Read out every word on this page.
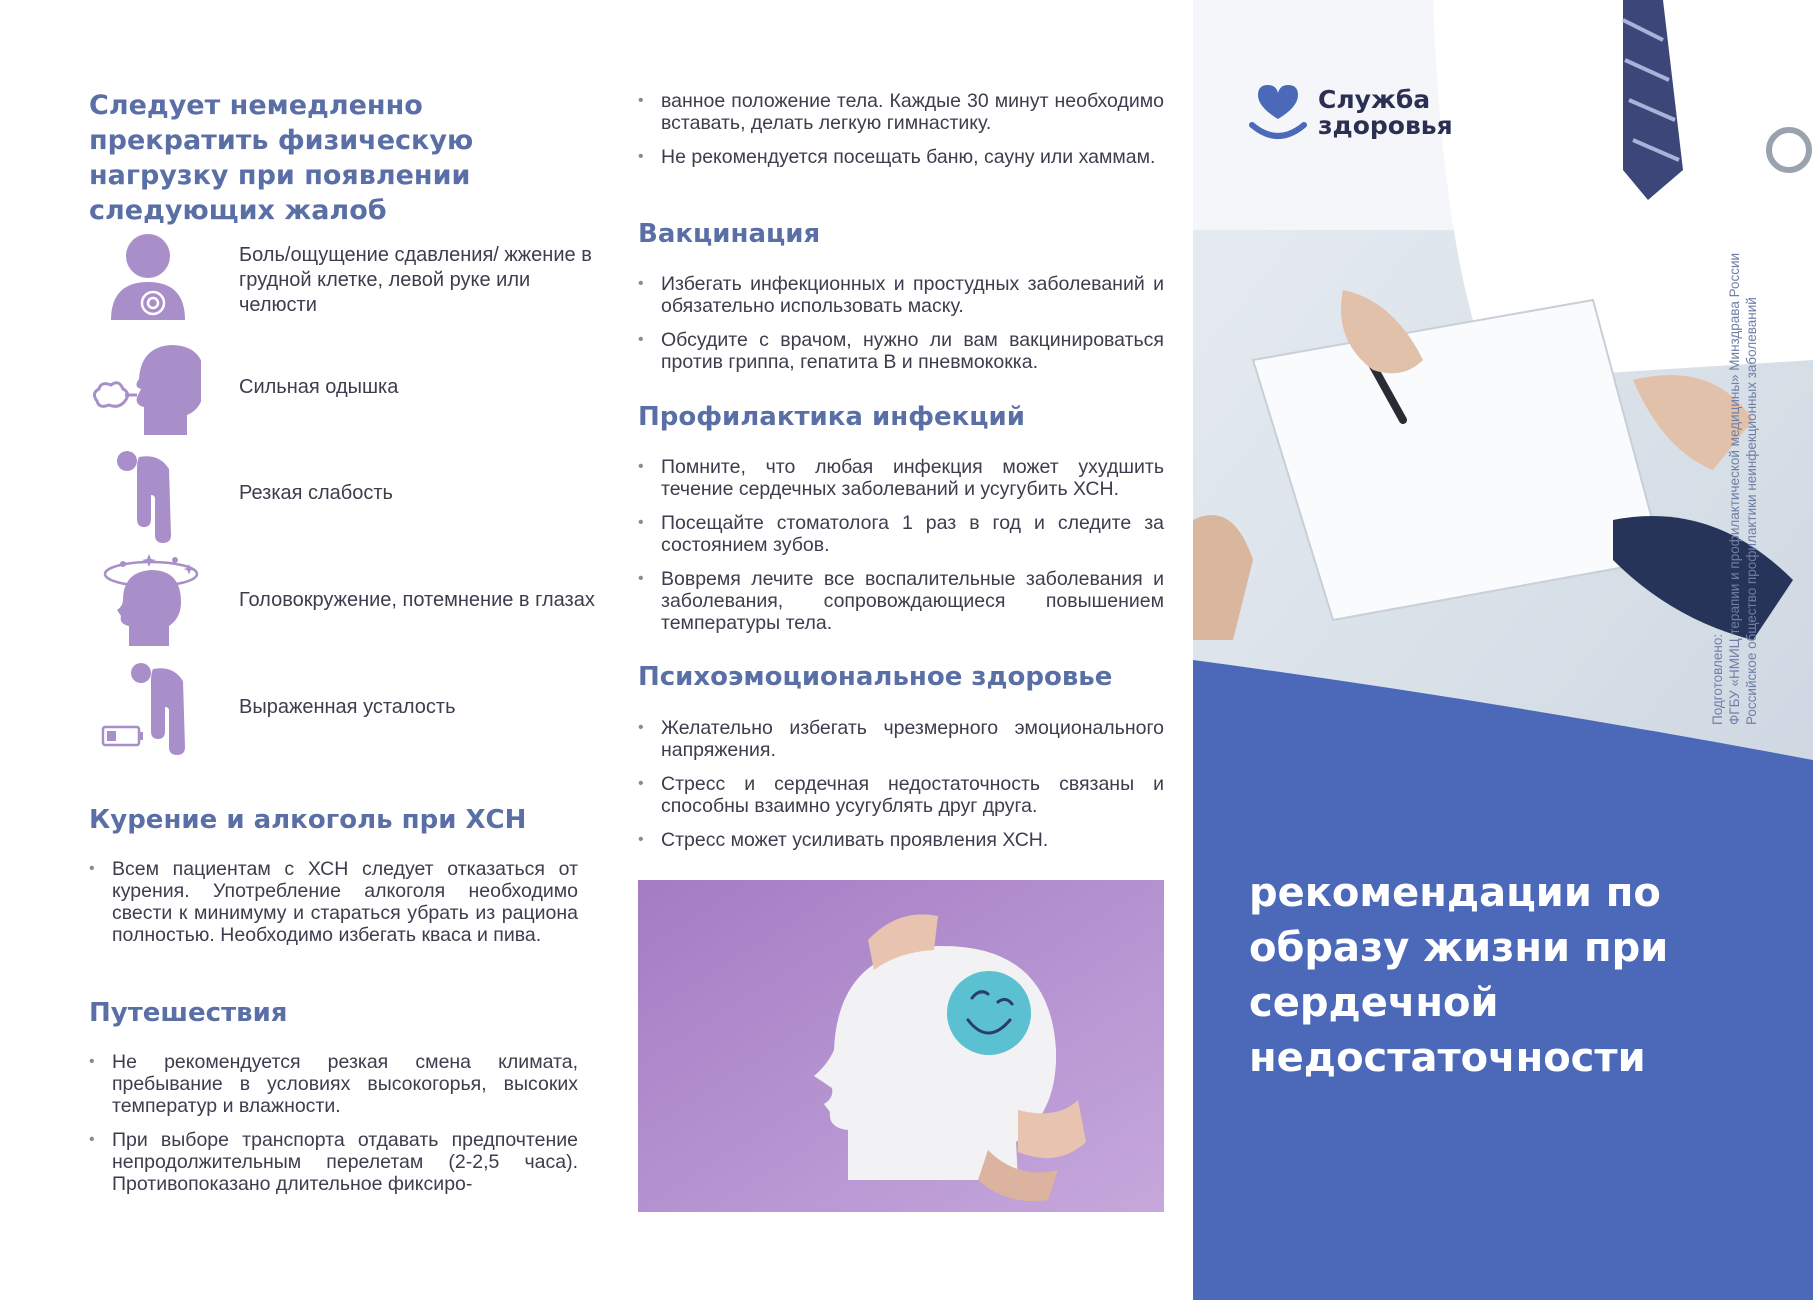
Следует немедленно прекратить физическую нагрузку при появлении следующих жалоб
Боль/ощущение сдавления/ жжение в грудной клетке, левой руке или челюсти
Сильная одышка
Резкая слабость
Головокружение, потемнение в глазах
Выраженная усталость
Курение и алкоголь при ХСН
• Всем пациентам с ХСН следует отказаться от курения. Употребление алкоголя необходимо свести к минимуму и стараться убрать из рациона полностью. Необходимо избегать кваса и пива.
Путешествия
• Не рекомендуется резкая смена климата, пребывание в условиях высокогорья, высоких температур и влажности.
• При выборе транспорта отдавать предпочтение непродолжительным перелетам (2-2,5 часа). Противопоказано длительное фиксиро-
• ванное положение тела. Каждые 30 минут необходимо вставать, делать легкую гимнастику.
• Не рекомендуется посещать баню, сауну или хаммам.
Вакцинация
• Избегать инфекционных и простудных заболеваний и обязательно использовать маску.
• Обсудите с врачом, нужно ли вам вакцинироваться против гриппа, гепатита В и пневмококка.
Профилактика инфекций
• Помните, что любая инфекция может ухудшить течение сердечных заболеваний и усугубить ХСН.
• Посещайте стоматолога 1 раз в год и следите за состоянием зубов.
• Вовремя лечите все воспалительные заболевания и заболевания, сопровождающиеся повышением температуры тела.
Психоэмоциональное здоровье
• Желательно избегать чрезмерного эмоционального напряжения.
• Стресс и сердечная недостаточность связаны и способны взаимно усугублять друг друга.
• Стресс может усиливать проявления ХСН.
рекомендации по образу жизни при сердечной недостаточности
Служба
здоровья
Подготовлено: ФГБУ «НМИЦ терапии и профилактической медицины» Минздрава России Российское общество профилактики неинфекционных заболеваний
